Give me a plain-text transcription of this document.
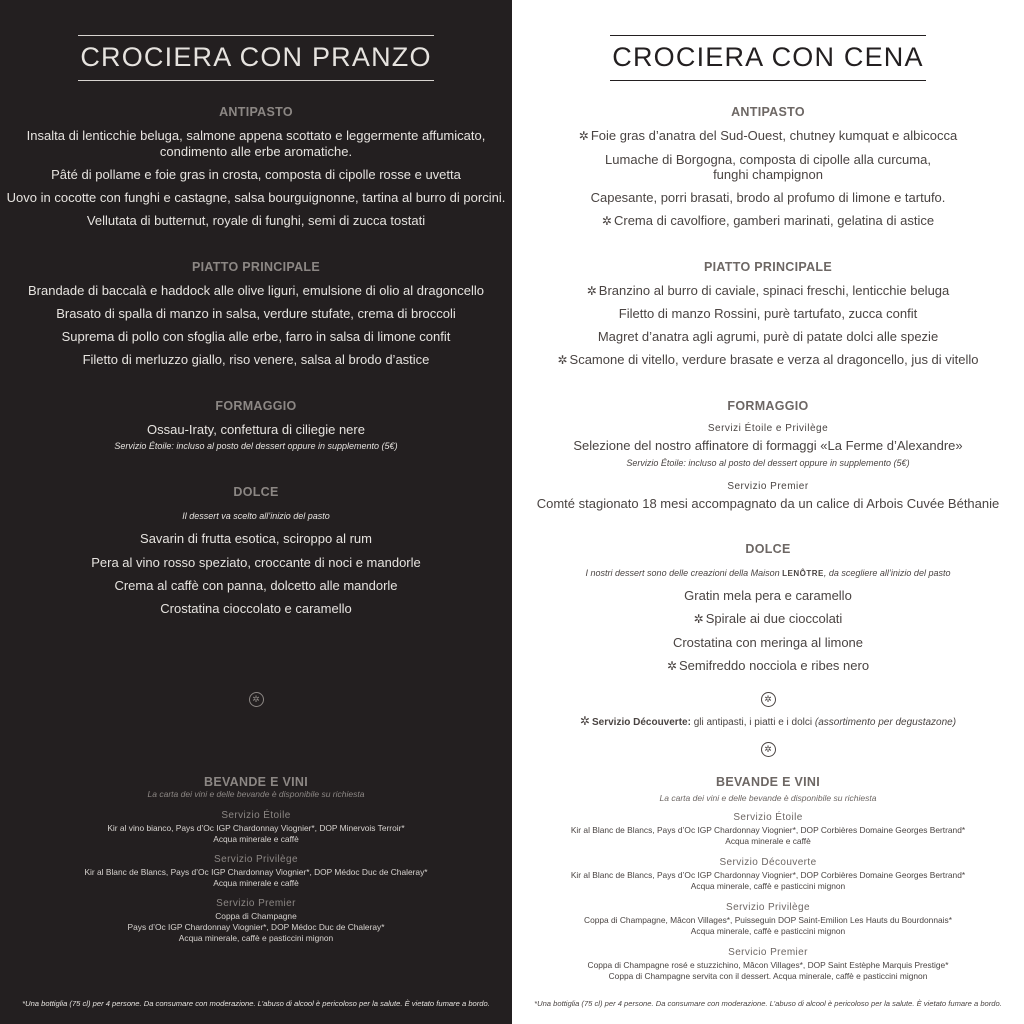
CROCIERA CON PRANZO
ANTIPASTO
Insalta di lenticchie beluga, salmone appena scottato e leggermente affumicato,
condimento alle erbe aromatiche.
Pâté di pollame e foie gras in crosta, composta di cipolle rosse e uvetta
Uovo in cocotte con funghi e castagne, salsa bourguignonne, tartina al burro di porcini.
Vellutata di butternut, royale di funghi, semi di zucca tostati
PIATTO PRINCIPALE
Brandade di baccalà e haddock alle olive liguri, emulsione di olio al dragoncello
Brasato di spalla di manzo in salsa, verdure stufate, crema di broccoli
Suprema di pollo con sfoglia alle erbe, farro in salsa di limone confit
Filetto di merluzzo giallo, riso venere, salsa al brodo d’astice
FORMAGGIO
Ossau-Iraty, confettura di ciliegie nere
Servizio Étoile: incluso al posto del dessert oppure in supplemento (5€)
DOLCE
Il dessert va scelto all’inizio del pasto
Savarin di frutta esotica, sciroppo al rum
Pera al vino rosso speziato, croccante di noci e mandorle
Crema al caffè con panna, dolcetto alle mandorle
Crostatina cioccolato e caramello
✲
BEVANDE E VINI
La carta dei vini e delle bevande è disponibile su richiesta
Servizio Étoile
Kir al vino bianco, Pays d’Oc IGP Chardonnay Viognier*, DOP Minervois Terroir*
Acqua minerale e caffè
Servizio Privilège
Kir al Blanc de Blancs, Pays d’Oc IGP Chardonnay Viognier*, DOP Médoc Duc de Chaleray*
Acqua minerale e caffè
Servizio Premier
Coppa di Champagne
Pays d’Oc IGP Chardonnay Viognier*, DOP Médoc Duc de Chaleray*
Acqua minerale, caffè e pasticcini mignon
*Una bottiglia (75 cl) per 4 persone. Da consumare con moderazione. L’abuso di alcool è pericoloso per la salute. È vietato fumare a bordo.
CROCIERA CON CENA
ANTIPASTO
✲ Foie gras d’anatra del Sud-Ouest, chutney kumquat e albicocca
Lumache di Borgogna, composta di cipolle alla curcuma,
funghi champignon
Capesante, porri brasati, brodo al profumo di limone e tartufo.
✲ Crema di cavolfiore, gamberi marinati, gelatina di astice
PIATTO PRINCIPALE
✲ Branzino al burro di caviale, spinaci freschi, lenticchie beluga
Filetto di manzo Rossini, purè tartufato, zucca confit
Magret d’anatra agli agrumi, purè di patate dolci alle spezie
✲ Scamone di vitello, verdure brasate e verza al dragoncello, jus di vitello
FORMAGGIO
Servizi Étoile e Privilège
Selezione del nostro affinatore di formaggi «La Ferme d’Alexandre»
Servizio Étoile: incluso al posto del dessert oppure in supplemento (5€)
Servizio Premier
Comté stagionato 18 mesi accompagnato da un calice di Arbois Cuvée Béthanie
DOLCE
I nostri dessert sono delle creazioni della Maison LENÔTRE, da scegliere all’inizio del pasto
Gratin mela pera e caramello
✲ Spirale ai due cioccolati
Crostatina con meringa al limone
✲ Semifreddo nocciola e ribes nero
✲
✲ Servizio Découverte: gli antipasti, i piatti e i dolci (assortimento per degustazone)
✲
BEVANDE E VINI
La carta dei vini e delle bevande è disponibile su richiesta
Servizio Étoile
Kir al Blanc de Blancs, Pays d’Oc IGP Chardonnay Viognier*, DOP Corbières Domaine Georges Bertrand*
Acqua minerale e caffè
Servizio Découverte
Kir al Blanc de Blancs, Pays d’Oc IGP Chardonnay Viognier*, DOP Corbières Domaine Georges Bertrand*
Acqua minerale, caffè e pasticcini mignon
Servizio Privilège
Coppa di Champagne, Mâcon Villages*, Puisseguin DOP Saint-Emilion Les Hauts du Bourdonnais*
Acqua minerale, caffè e pasticcini mignon
Servicio Premier
Coppa di Champagne rosé e stuzzichino, Mâcon Villages*, DOP Saint Estèphe Marquis Prestige*
Coppa di Champagne servita con il dessert. Acqua minerale, caffè e pasticcini mignon
*Una bottiglia (75 cl) per 4 persone. Da consumare con moderazione. L’abuso di alcool è pericoloso per la salute. È vietato fumare a bordo.
